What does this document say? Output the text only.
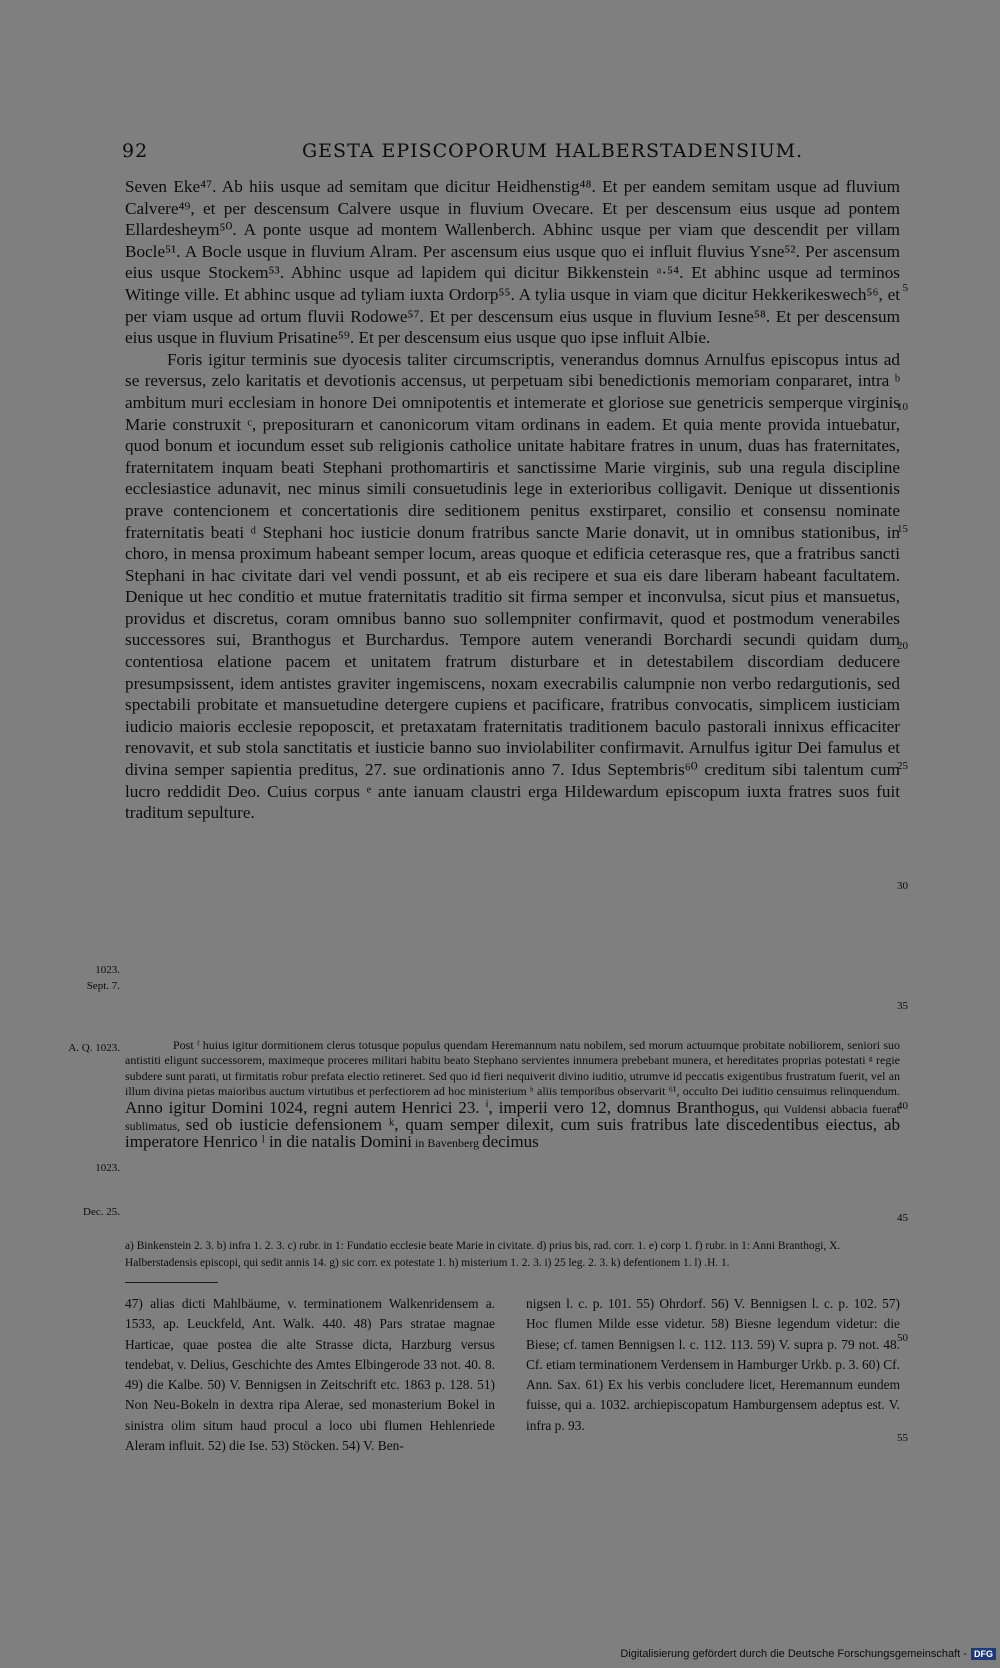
92	GESTA EPISCOPORUM HALBERSTADENSIUM.

Seven Eke⁴⁷. Ab hiis usque ad semitam que dicitur Heidhenstig⁴⁸. Et per eandem semitam usque ad fluvium Calvere⁴⁹, et per descensum Calvere usque in fluvium Ovecare. Et per descensum eius usque ad pontem Ellardesheym⁵⁰. A ponte usque ad montem Wallenberch. Abhinc usque per viam que descendit per villam Bocle⁵¹. A Bocle usque in fluvium Alram. Per ascensum eius usque quo ei influit fluvius Ysne⁵². Per ascensum eius usque Stockem⁵³. Abhinc usque ad lapidem qui dicitur Bikkenstein ᵃ·⁵⁴. Et abhinc usque ad terminos Witinge ville. Et abhinc usque ad tyliam iuxta Ordorp⁵⁵. A tylia usque in viam que dicitur Hekkerikeswech⁵⁶, et per viam usque ad ortum fluvii Rodowe⁵⁷. Et per descensum eius usque in fluvium Iesne⁵⁸. Et per descensum eius usque in fluvium Prisatine⁵⁹. Et per descensum eius usque quo ipse influit Albie.

Foris igitur terminis sue dyocesis taliter circumscriptis, venerandus domnus Arnulfus episcopus intus ad se reversus, zelo karitatis et devotionis accensus, ut perpetuam sibi benedictionis memoriam conpararet, intra ᵇ ambitum muri ecclesiam in honore Dei omnipotentis et intemerate et gloriose sue genetricis semperque virginis Marie construxit ᶜ, prepositurarn et canonicorum vitam ordinans in eadem. Et quia mente provida intuebatur, quod bonum et iocundum esset sub religionis catholice unitate habitare fratres in unum, duas has fraternitates, fraternitatem inquam beati Stephani prothomartiris et sanctissime Marie virginis, sub una regula discipline ecclesiastice adunavit, nec minus simili consuetudinis lege in exterioribus colligavit. Denique ut dissentionis prave contencionem et concertationis dire seditionem penitus exstirparet, consilio et consensu nominate fraternitatis beati ᵈ Stephani hoc iusticie donum fratribus sancte Marie donavit, ut in omnibus stationibus, in choro, in mensa proximum habeant semper locum, areas quoque et edificia ceterasque res, que a fratribus sancti Stephani in hac civitate dari vel vendi possunt, et ab eis recipere et sua eis dare liberam habeant facultatem. Denique ut hec conditio et mutue fraternitatis traditio sit firma semper et inconvulsa, sicut pius et mansuetus, providus et discretus, coram omnibus banno suo sollempniter confirmavit, quod et postmodum venerabiles successores sui, Branthogus et Burchardus. Tempore autem venerandi Borchardi secundi quidam dum contentiosa elatione pacem et unitatem fratrum disturbare et in detestabilem discordiam deducere presumpsissent, idem antistes graviter ingemiscens, noxam execrabilis calumpnie non verbo redargutionis, sed spectabili probitate et mansuetudine detergere cupiens et pacificare, fratribus convocatis, simplicem iusticiam iudicio maioris ecclesie repoposcit, et pretaxatam fraternitatis traditionem baculo pastorali innixus efficaciter renovavit, et sub stola sanctitatis et iusticie banno suo inviolabiliter confirmavit. Arnulfus igitur Dei famulus et divina semper sapientia preditus, 27. sue ordinationis anno 7. Idus Septembris⁶⁰ creditum sibi talentum cum lucro reddidit Deo. Cuius corpus ᵉ ante ianuam claustri erga Hildewardum episcopum iuxta fratres suos fuit traditum sepulture.

1023.
Sept. 7.
A. Q. 1023.
1023.
Dec. 25.
5
10
15
20
25
30
35
40
45
50
55

Post ᶠ huius igitur dormitionem clerus totusque populus quendam Heremannum natu nobilem, sed morum actuumque probitate nobiliorem, seniori suo antistiti eligunt successorem, maximeque proceres militari habitu beato Stephano servientes innumera prebebant munera, et hereditates proprias potestati ᵍ regie subdere sunt parati, ut firmitatis robur prefata electio retineret. Sed quo id fieri nequiverit divino iuditio, utrumve id peccatis exigentibus frustratum fuerit, vel an illum divina pietas maioribus auctum virtutibus et perfectiorem ad hoc ministerium ʰ aliis temporibus observarit ⁶¹, occulto Dei iuditio censuimus relinquendum. Anno igitur Domini 1024, regni autem Henrici 23. ⁱ, imperii vero 12, domnus Branthogus, qui Vuldensi abbacia fuerat sublimatus, sed ob iusticie defensionem ᵏ, quam semper dilexit, cum suis fratribus late discedentibus eiectus, ab imperatore Henrico ˡ in die natalis Domini in Bavenberg decimus

a) Binkenstein 2. 3. b) infra 1. 2. 3. c) rubr. in 1: Fundatio ecclesie beate Marie in civitate. d) prius bis, rad. corr. 1. e) corp 1. f) rubr. in 1: Anni Branthogi, X. Halberstadensis episcopi, qui sedit annis 14. g) sic corr. ex potestate 1. h) misterium 1. 2. 3. i) 25 leg. 2. 3. k) defentionem 1. l) .H. 1.
47) alias dicti Mahlbäume, v. terminationem Walkenridensem a. 1533, ap. Leuckfeld, Ant. Walk. 440. 48) Pars stratae magnae Harticae, quae postea die alte Strasse dicta, Harzburg versus tendebat, v. Delius, Geschichte des Amtes Elbingerode 33 not. 40. 8. 49) die Kalbe. 50) V. Bennigsen in Zeitschrift etc. 1863 p. 128. 51) Non Neu-Bokeln in dextra ripa Alerae, sed monasterium Bokel in sinistra olim situm haud procul a loco ubi flumen Hehlenriede Aleram influit. 52) die Ise. 53) Stöcken. 54) V. Ben-
nigsen l. c. p. 101. 55) Ohrdorf. 56) V. Bennigsen l. c. p. 102. 57) Hoc flumen Milde esse videtur. 58) Biesne legendum videtur: die Biese; cf. tamen Bennigsen l. c. 112. 113. 59) V. supra p. 79 not. 48. Cf. etiam terminationem Verdensem in Hamburger Urkb. p. 3. 60) Cf. Ann. Sax. 61) Ex his verbis concludere licet, Heremannum eundem fuisse, qui a. 1032. archiepiscopatum Hamburgensem adeptus est. V. infra p. 93.
Digitalisierung gefördert durch die Deutsche Forschungsgemeinschaft - DFG
